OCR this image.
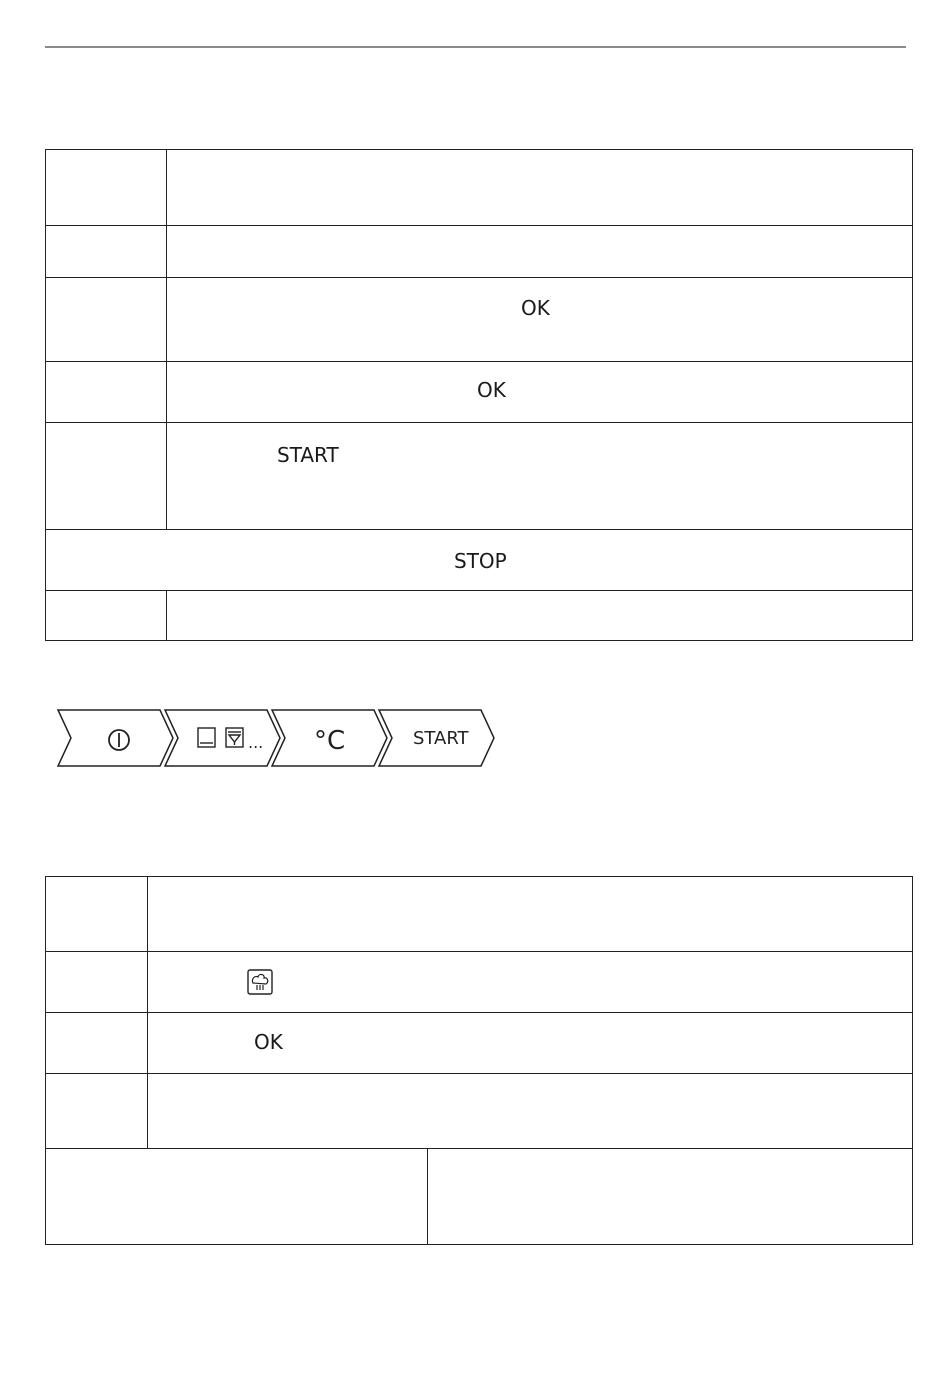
OK
OK
START
STOP
... °C	START
OK
